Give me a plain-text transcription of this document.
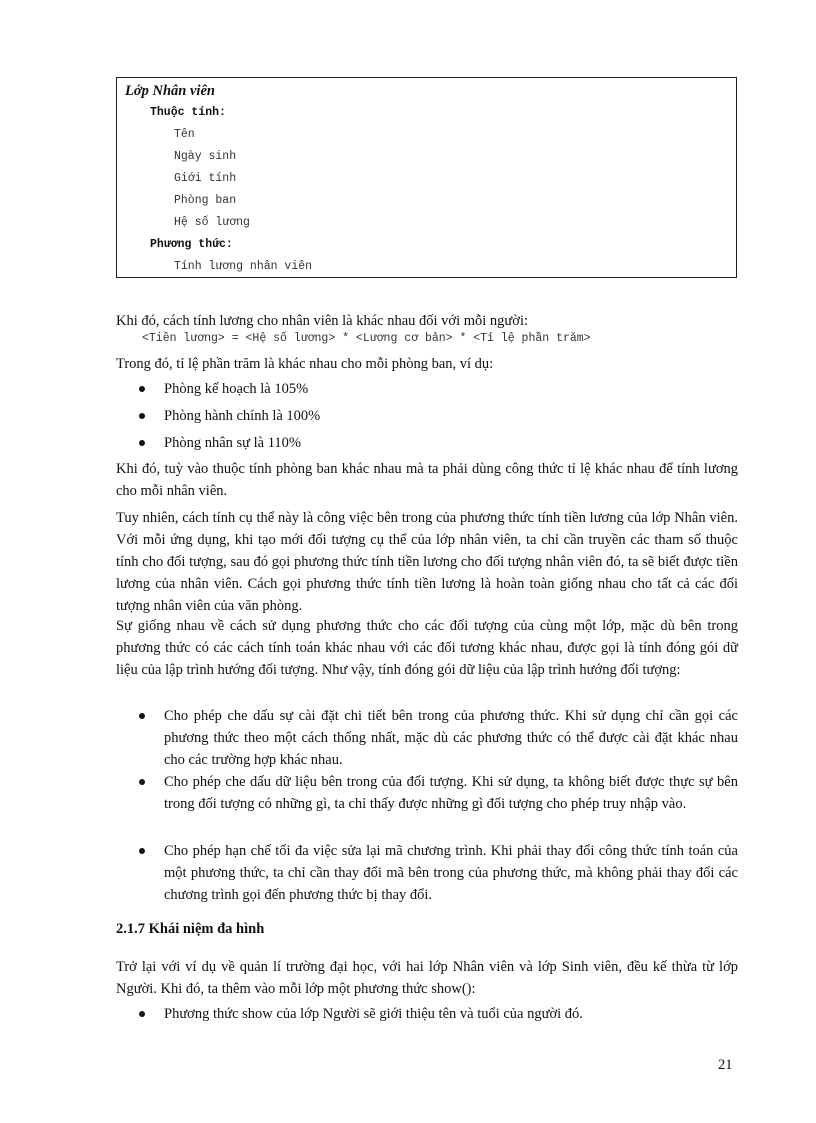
Lớp Nhân viên
Thuộc tính:
Tên
Ngày sinh
Giới tính
Phòng ban
Hệ số lương
Phương thức:
Tính lương nhân viên
Khi đó, cách tính lương cho nhân viên là khác nhau đối với mỗi người:
<Tiền lương> = <Hệ số lương> * <Lương cơ bản> * <Tỉ lệ phần trăm>
Trong đó, tỉ lệ phần trăm là khác nhau cho mỗi phòng ban, ví dụ:
Phòng kế hoạch là 105%
Phòng hành chính là 100%
Phòng nhân sự là 110%
Khi đó, tuỳ vào thuộc tính phòng ban khác nhau mà ta phải dùng công thức tỉ lệ khác nhau để tính lương cho mỗi nhân viên.
Tuy nhiên, cách tính cụ thể này là công việc bên trong của phương thức tính tiền lương của lớp Nhân viên. Với mỗi ứng dụng, khi tạo mới đối tượng cụ thể của lớp nhân viên, ta chỉ cần truyền các tham số thuộc tính cho đối tượng, sau đó gọi phương thức tính tiền lương cho đối tượng nhân viên đó, ta sẽ biết được tiền lương của nhân viên. Cách gọi phương thức tính tiền lương là hoàn toàn giống nhau cho tất cả các đối tượng nhân viên của văn phòng.
Sự giống nhau về cách sử dụng phương thức cho các đối tượng của cùng một lớp, mặc dù bên trong phương thức có các cách tính toán khác nhau với các đối tương khác nhau, được gọi là tính đóng gói dữ liệu của lập trình hướng đối tượng. Như vậy, tính đóng gói dữ liệu của lập trình hướng đối tượng:
Cho phép che dấu sự cài đặt chi tiết bên trong của phương thức. Khi sử dụng chỉ cần gọi các phương thức theo một cách thống nhất, mặc dù các phương thức có thể được cài đặt khác nhau cho các trường hợp khác nhau.
Cho phép che dấu dữ liệu bên trong của đối tượng. Khi sử dụng, ta không biết được thực sự bên trong đối tượng có những gì, ta chỉ thấy được những gì đối tượng cho phép truy nhập vào.
Cho phép hạn chế tối đa việc sửa lại mã chương trình. Khi phải thay đổi công thức tính toán của một phương thức, ta chỉ cần thay đổi mã bên trong của phương thức, mà không phải thay đổi các chương trình gọi đến phương thức bị thay đổi.
2.1.7 Khái niệm đa hình
Trở lại với ví dụ về quản lí trường đại học, với hai lớp Nhân viên và lớp Sinh viên, đều kế thừa từ lớp Người. Khi đó, ta thêm vào mỗi lớp một phương thức show():
Phương thức show của lớp Người sẽ giới thiệu tên và tuổi của người đó.
21
